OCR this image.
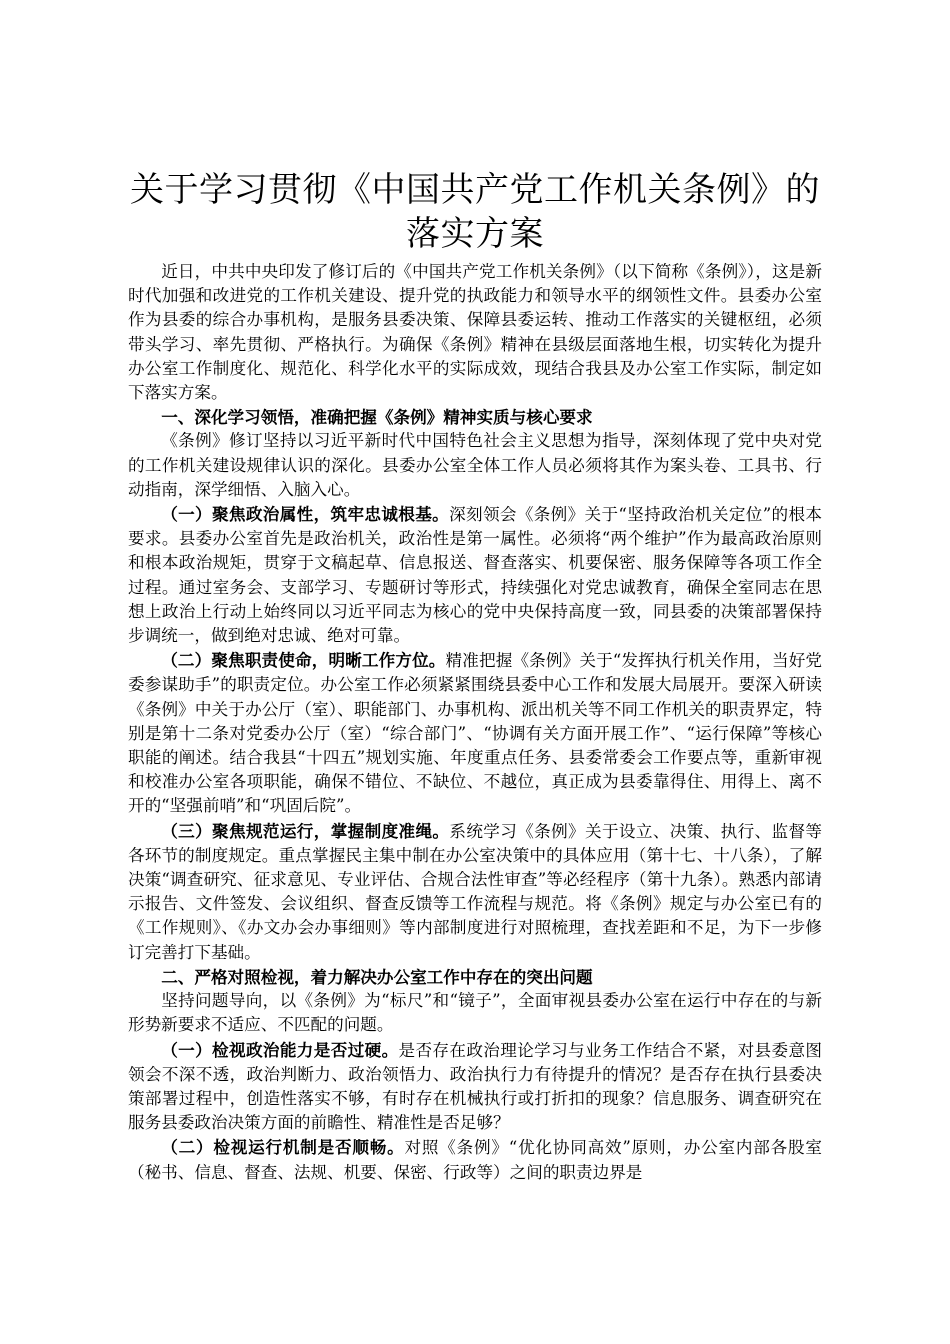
关于学习贯彻《中国共产党工作机关条例》的落实方案

近日，中共中央印发了修订后的《中国共产党工作机关条例》（以下简称《条例》），这是新时代加强和改进党的工作机关建设、提升党的执政能力和领导水平的纲领性文件。县委办公室作为县委的综合办事机构，是服务县委决策、保障县委运转、推动工作落实的关键枢纽，必须带头学习、率先贯彻、严格执行。为确保《条例》精神在县级层面落地生根，切实转化为提升办公室工作制度化、规范化、科学化水平的实际成效，现结合我县及办公室工作实际，制定如下落实方案。

一、深化学习领悟，准确把握《条例》精神实质与核心要求

《条例》修订坚持以习近平新时代中国特色社会主义思想为指导，深刻体现了党中央对党的工作机关建设规律认识的深化。县委办公室全体工作人员必须将其作为案头卷、工具书、行动指南，深学细悟、入脑入心。

（一）聚焦政治属性，筑牢忠诚根基。深刻领会《条例》关于“坚持政治机关定位”的根本要求。县委办公室首先是政治机关，政治性是第一属性。必须将“两个维护”作为最高政治原则和根本政治规矩，贯穿于文稿起草、信息报送、督查落实、机要保密、服务保障等各项工作全过程。通过室务会、支部学习、专题研讨等形式，持续强化对党忠诚教育，确保全室同志在思想上政治上行动上始终同以习近平同志为核心的党中央保持高度一致，同县委的决策部署保持步调统一，做到绝对忠诚、绝对可靠。

（二）聚焦职责使命，明晰工作方位。精准把握《条例》关于“发挥执行机关作用，当好党委参谋助手”的职责定位。办公室工作必须紧紧围绕县委中心工作和发展大局展开。要深入研读《条例》中关于办公厅（室）、职能部门、办事机构、派出机关等不同工作机关的职责界定，特别是第十二条对党委办公厅（室）“综合部门”、“协调有关方面开展工作”、“运行保障”等核心职能的阐述。结合我县“十四五”规划实施、年度重点任务、县委常委会工作要点等，重新审视和校准办公室各项职能，确保不错位、不缺位、不越位，真正成为县委靠得住、用得上、离不开的“坚强前哨”和“巩固后院”。

（三）聚焦规范运行，掌握制度准绳。系统学习《条例》关于设立、决策、执行、监督等各环节的制度规定。重点掌握民主集中制在办公室决策中的具体应用（第十七、十八条），了解决策“调查研究、征求意见、专业评估、合规合法性审查”等必经程序（第十九条）。熟悉内部请示报告、文件签发、会议组织、督查反馈等工作流程与规范。将《条例》规定与办公室已有的《工作规则》、《办文办会办事细则》等内部制度进行对照梳理，查找差距和不足，为下一步修订完善打下基础。

二、严格对照检视，着力解决办公室工作中存在的突出问题

坚持问题导向，以《条例》为“标尺”和“镜子”，全面审视县委办公室在运行中存在的与新形势新要求不适应、不匹配的问题。

（一）检视政治能力是否过硬。是否存在政治理论学习与业务工作结合不紧，对县委意图领会不深不透，政治判断力、政治领悟力、政治执行力有待提升的情况？是否存在执行县委决策部署过程中，创造性落实不够，有时存在机械执行或打折扣的现象？信息服务、调查研究在服务县委政治决策方面的前瞻性、精准性是否足够？

（二）检视运行机制是否顺畅。对照《条例》“优化协同高效”原则，办公室内部各股室（秘书、信息、督查、法规、机要、保密、行政等）之间的职责边界是
